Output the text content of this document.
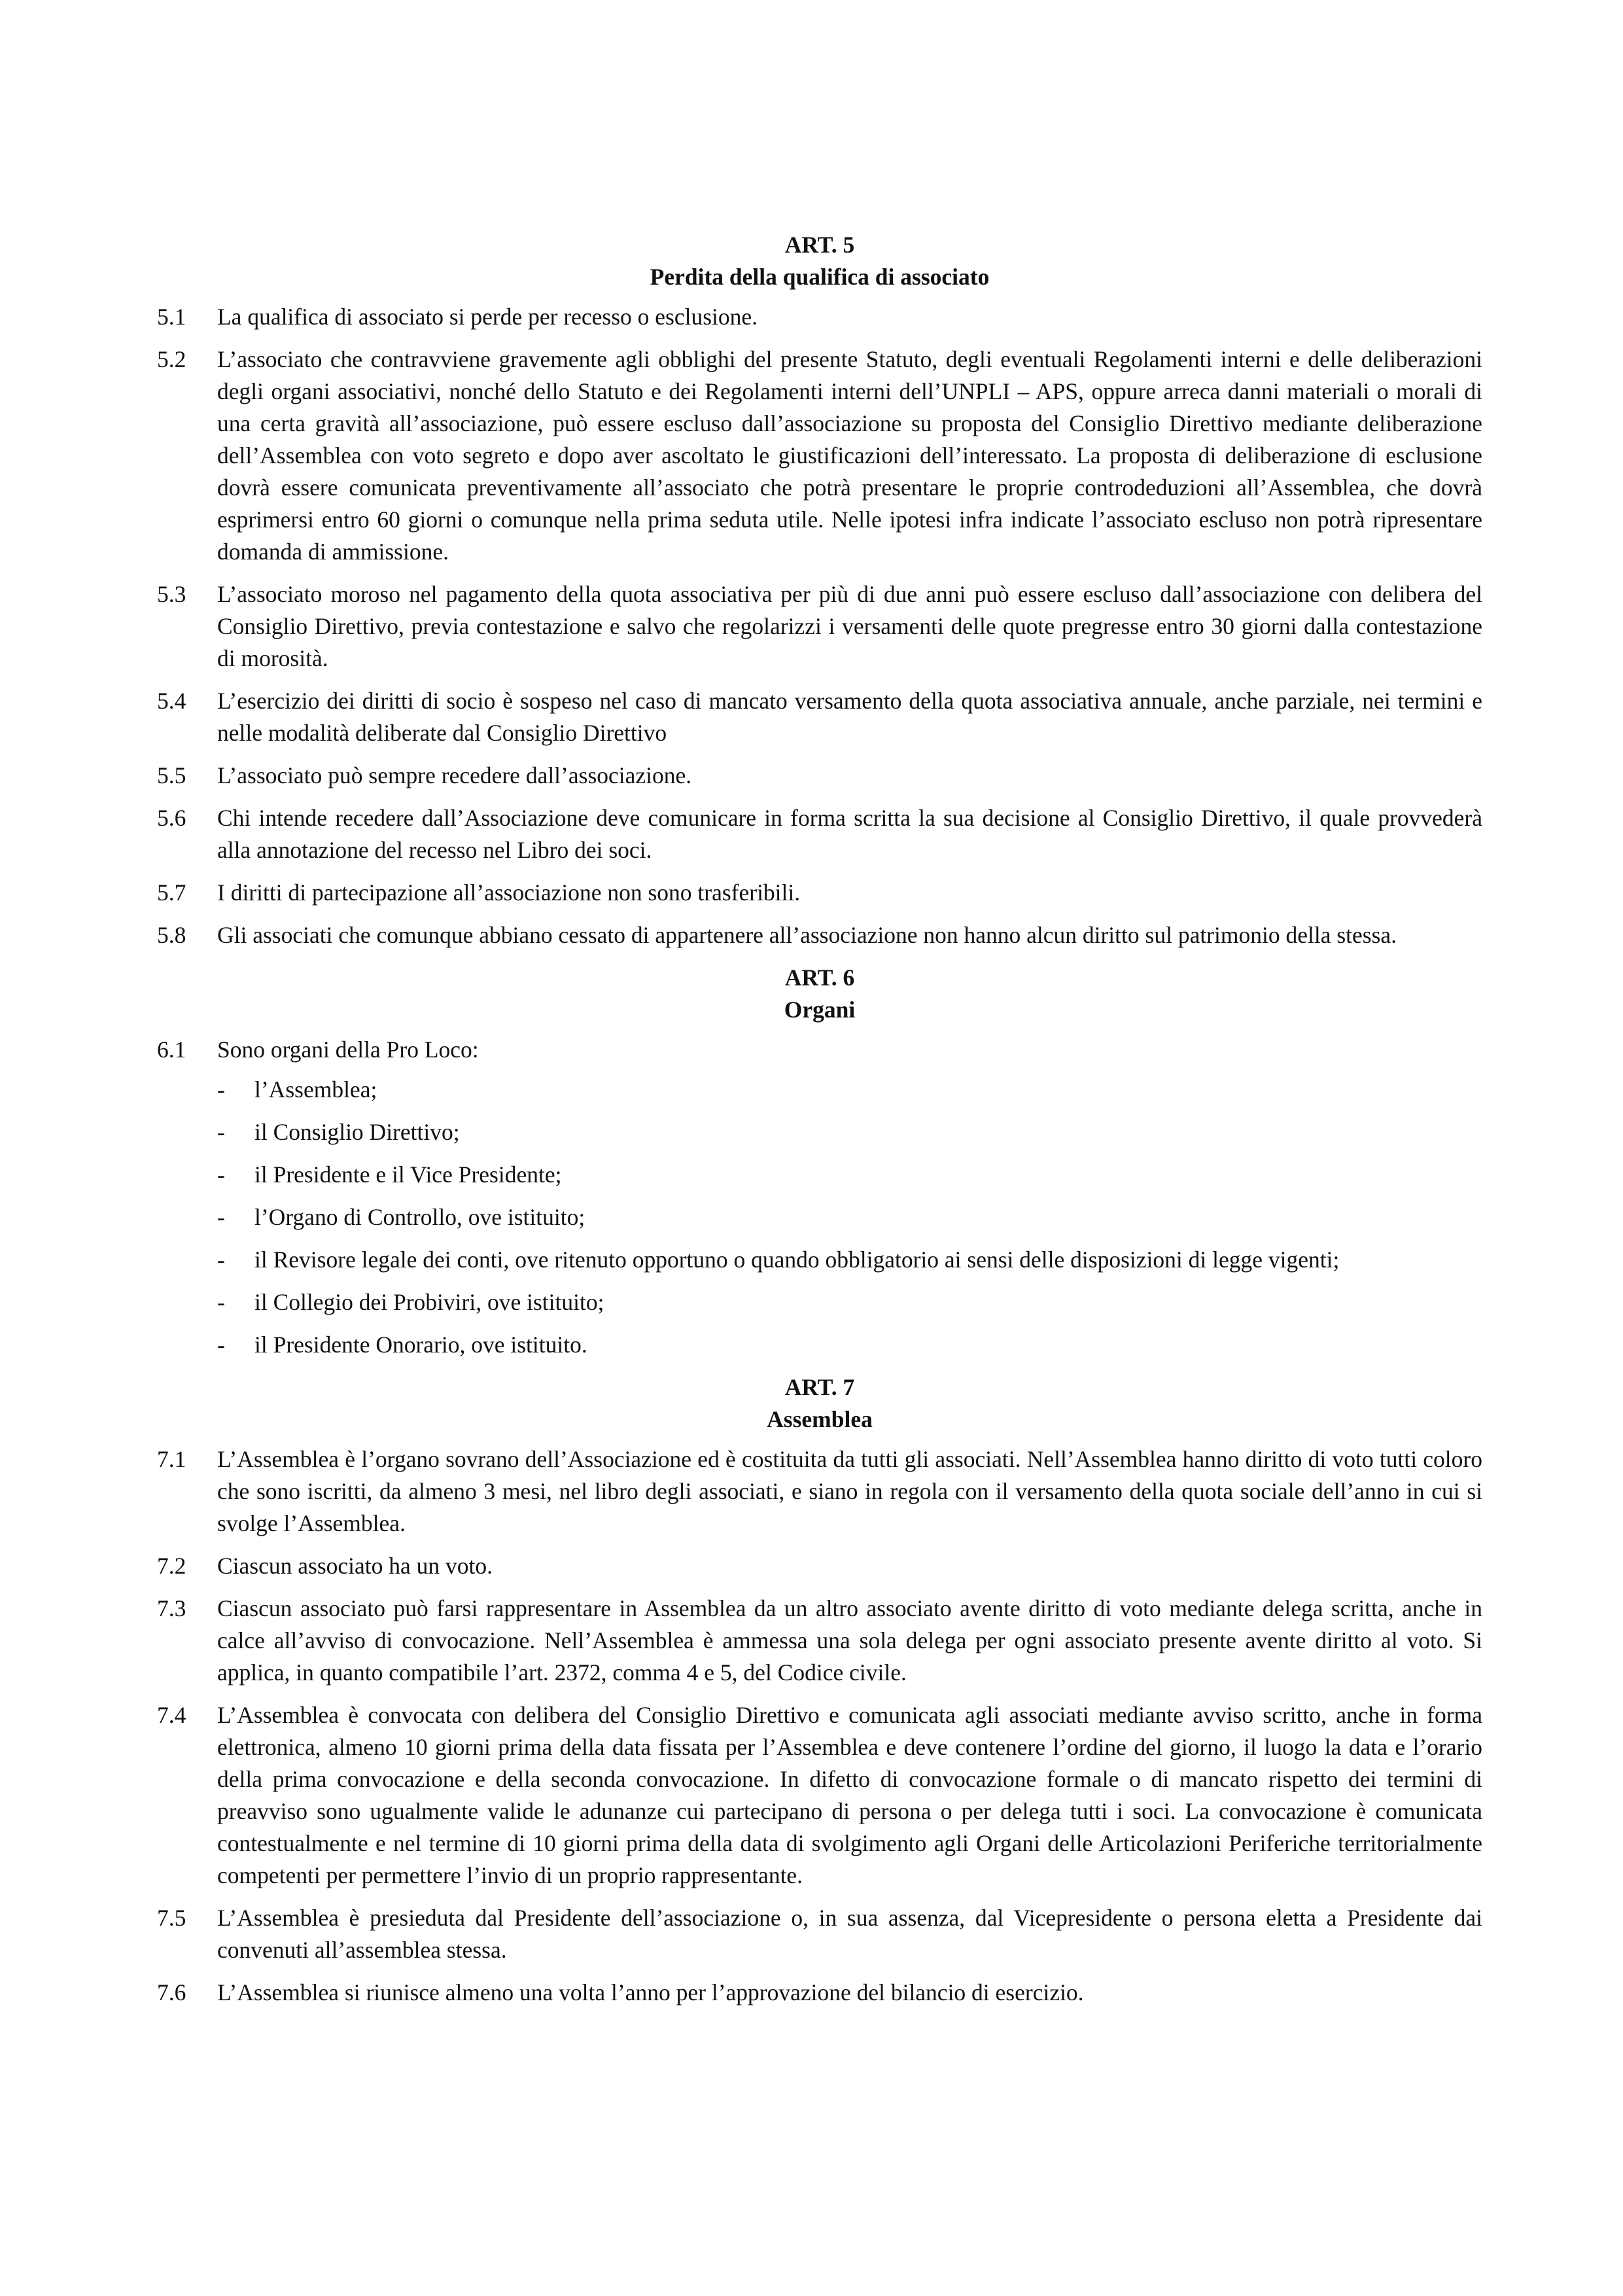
ART. 5

Perdita della qualifica di associato

5.1	La qualifica di associato si perde per recesso o esclusione.
5.2	L’associato che contravviene gravemente agli obblighi del presente Statuto, degli eventuali Regolamenti interni e delle deliberazioni degli organi associativi, nonché dello Statuto e dei Regolamenti interni dell’UNPLI – APS, oppure arreca danni materiali o morali di una certa gravità all’associazione, può essere escluso dall’associazione su proposta del Consiglio Direttivo mediante deliberazione dell’Assemblea con voto segreto e dopo aver ascoltato le giustificazioni dell’interessato. La proposta di deliberazione di esclusione dovrà essere comunicata preventivamente all’associato che potrà presentare le proprie controdeduzioni all’Assemblea, che dovrà esprimersi entro 60 giorni o comunque nella prima seduta utile. Nelle ipotesi infra indicate l’associato escluso non potrà ripresentare domanda di ammissione.
5.3	L’associato moroso nel pagamento della quota associativa per più di due anni può essere escluso dall’associazione con delibera del Consiglio Direttivo, previa contestazione e salvo che regolarizzi i versamenti delle quote pregresse entro 30 giorni dalla contestazione di morosità.
5.4	L’esercizio dei diritti di socio è sospeso nel caso di mancato versamento della quota associativa annuale, anche parziale, nei termini e nelle modalità deliberate dal Consiglio Direttivo
5.5	L’associato può sempre recedere dall’associazione.
5.6	Chi intende recedere dall’Associazione deve comunicare in forma scritta la sua decisione al Consiglio Direttivo, il quale provvederà alla annotazione del recesso nel Libro dei soci.
5.7	I diritti di partecipazione all’associazione non sono trasferibili.
5.8	Gli associati che comunque abbiano cessato di appartenere all’associazione non hanno alcun diritto sul patrimonio della stessa.

ART. 6

Organi

6.1	Sono organi della Pro Loco:
-	l’Assemblea;
-	il Consiglio Direttivo;
-	il Presidente e il Vice Presidente;
-	l’Organo di Controllo, ove istituito;
-	il Revisore legale dei conti, ove ritenuto opportuno o quando obbligatorio ai sensi delle disposizioni di legge vigenti;
-	il Collegio dei Probiviri, ove istituito;
-	il Presidente Onorario, ove istituito.

ART. 7

Assemblea

7.1	L’Assemblea è l’organo sovrano dell’Associazione ed è costituita da tutti gli associati. Nell’Assemblea hanno diritto di voto tutti coloro che sono iscritti, da almeno 3 mesi, nel libro degli associati, e siano in regola con il versamento della quota sociale dell’anno in cui si svolge l’Assemblea.
7.2	Ciascun associato ha un voto.
7.3	Ciascun associato può farsi rappresentare in Assemblea da un altro associato avente diritto di voto mediante delega scritta, anche in calce all’avviso di convocazione. Nell’Assemblea è ammessa una sola delega per ogni associato presente avente diritto al voto. Si applica, in quanto compatibile l’art. 2372, comma 4 e 5, del Codice civile.
7.4	L’Assemblea è convocata con delibera del Consiglio Direttivo e comunicata agli associati mediante avviso scritto, anche in forma elettronica, almeno 10 giorni prima della data fissata per l’Assemblea e deve contenere l’ordine del giorno, il luogo la data e l’orario della prima convocazione e della seconda convocazione. In difetto di convocazione formale o di mancato rispetto dei termini di preavviso sono ugualmente valide le adunanze cui partecipano di persona o per delega tutti i soci. La convocazione è comunicata contestualmente e nel termine di 10 giorni prima della data di svolgimento agli Organi delle Articolazioni Periferiche territorialmente competenti per permettere l’invio di un proprio rappresentante.
7.5	L’Assemblea è presieduta dal Presidente dell’associazione o, in sua assenza, dal Vicepresidente o persona eletta a Presidente dai convenuti all’assemblea stessa.
7.6	L’Assemblea si riunisce almeno una volta l’anno per l’approvazione del bilancio di esercizio.
